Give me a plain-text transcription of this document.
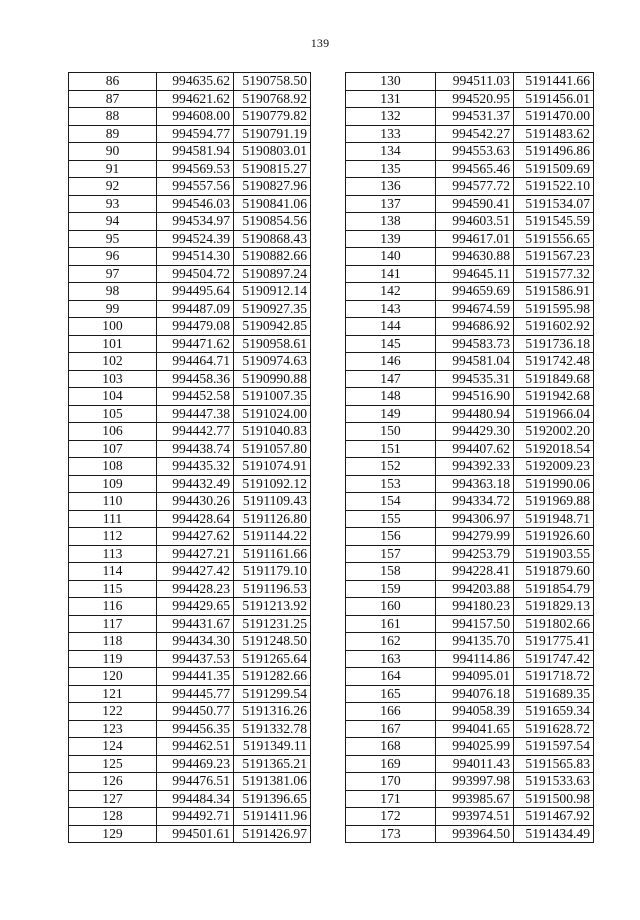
139
86	994635.62	5190758.50
87	994621.62	5190768.92
88	994608.00	5190779.82
89	994594.77	5190791.19
90	994581.94	5190803.01
91	994569.53	5190815.27
92	994557.56	5190827.96
93	994546.03	5190841.06
94	994534.97	5190854.56
95	994524.39	5190868.43
96	994514.30	5190882.66
97	994504.72	5190897.24
98	994495.64	5190912.14
99	994487.09	5190927.35
100	994479.08	5190942.85
101	994471.62	5190958.61
102	994464.71	5190974.63
103	994458.36	5190990.88
104	994452.58	5191007.35
105	994447.38	5191024.00
106	994442.77	5191040.83
107	994438.74	5191057.80
108	994435.32	5191074.91
109	994432.49	5191092.12
110	994430.26	5191109.43
111	994428.64	5191126.80
112	994427.62	5191144.22
113	994427.21	5191161.66
114	994427.42	5191179.10
115	994428.23	5191196.53
116	994429.65	5191213.92
117	994431.67	5191231.25
118	994434.30	5191248.50
119	994437.53	5191265.64
120	994441.35	5191282.66
121	994445.77	5191299.54
122	994450.77	5191316.26
123	994456.35	5191332.78
124	994462.51	5191349.11
125	994469.23	5191365.21
126	994476.51	5191381.06
127	994484.34	5191396.65
128	994492.71	5191411.96
129	994501.61	5191426.97
130	994511.03	5191441.66
131	994520.95	5191456.01
132	994531.37	5191470.00
133	994542.27	5191483.62
134	994553.63	5191496.86
135	994565.46	5191509.69
136	994577.72	5191522.10
137	994590.41	5191534.07
138	994603.51	5191545.59
139	994617.01	5191556.65
140	994630.88	5191567.23
141	994645.11	5191577.32
142	994659.69	5191586.91
143	994674.59	5191595.98
144	994686.92	5191602.92
145	994583.73	5191736.18
146	994581.04	5191742.48
147	994535.31	5191849.68
148	994516.90	5191942.68
149	994480.94	5191966.04
150	994429.30	5192002.20
151	994407.62	5192018.54
152	994392.33	5192009.23
153	994363.18	5191990.06
154	994334.72	5191969.88
155	994306.97	5191948.71
156	994279.99	5191926.60
157	994253.79	5191903.55
158	994228.41	5191879.60
159	994203.88	5191854.79
160	994180.23	5191829.13
161	994157.50	5191802.66
162	994135.70	5191775.41
163	994114.86	5191747.42
164	994095.01	5191718.72
165	994076.18	5191689.35
166	994058.39	5191659.34
167	994041.65	5191628.72
168	994025.99	5191597.54
169	994011.43	5191565.83
170	993997.98	5191533.63
171	993985.67	5191500.98
172	993974.51	5191467.92
173	993964.50	5191434.49
